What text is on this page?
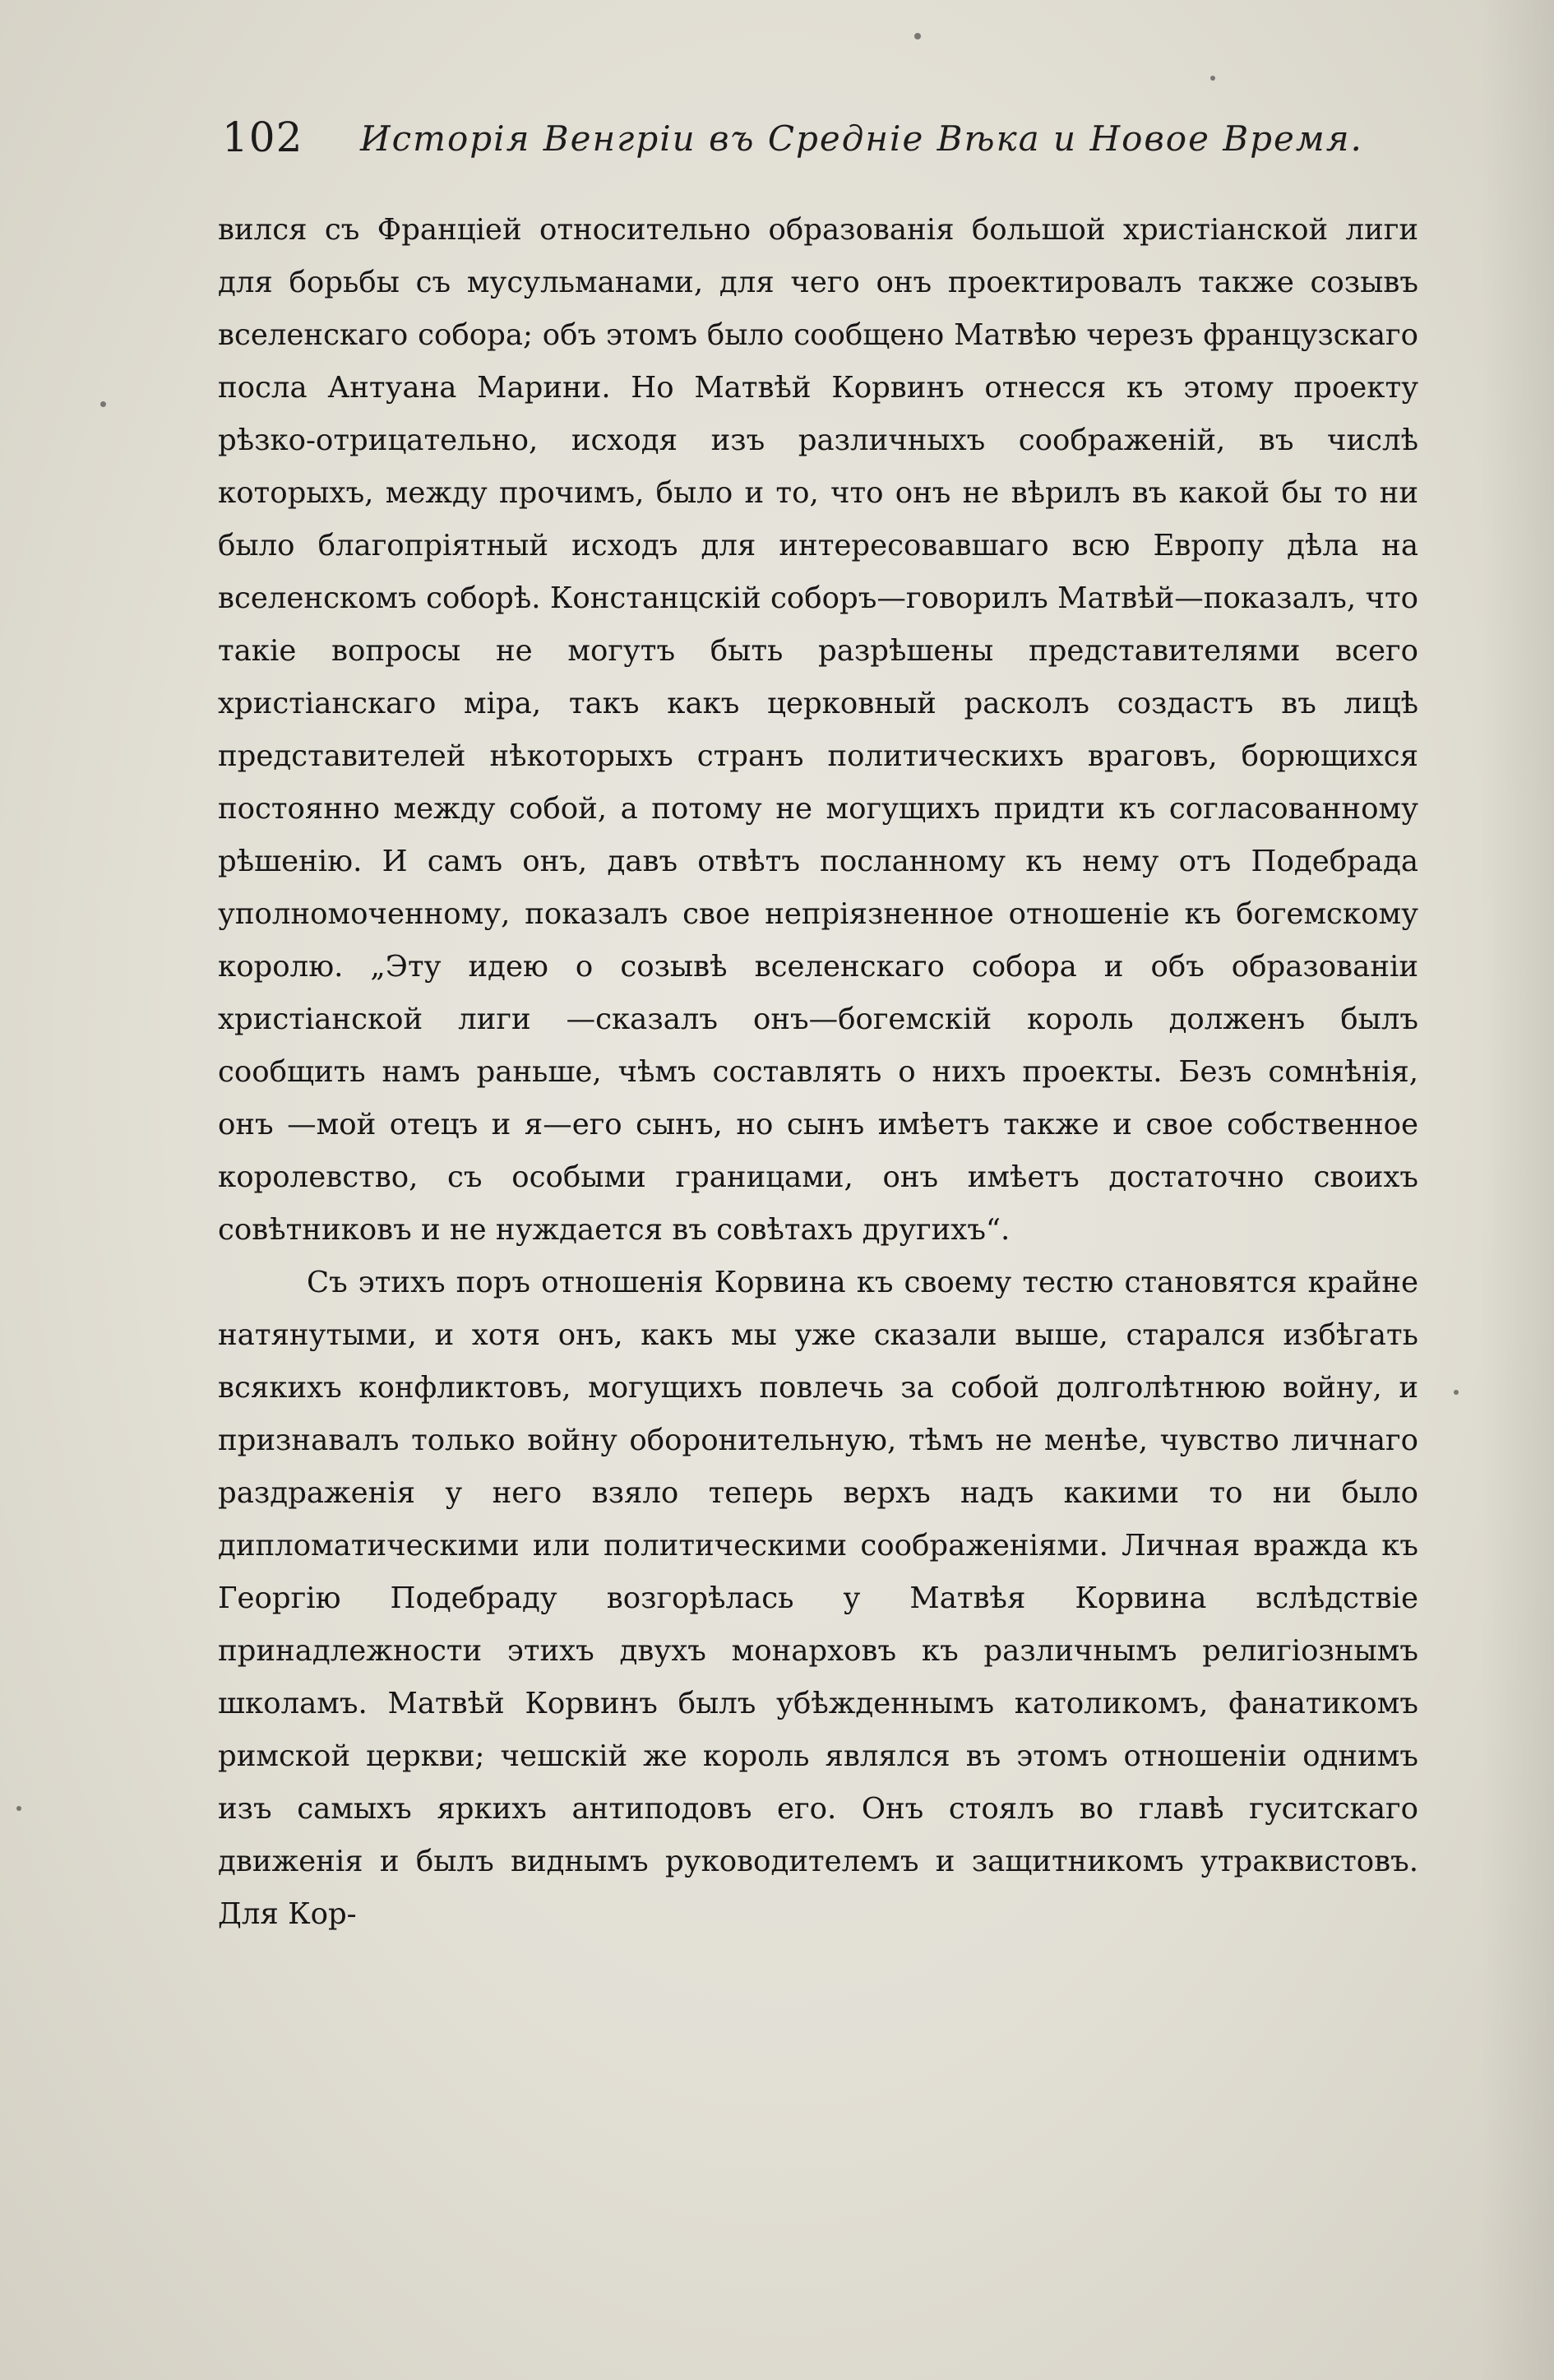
102 Исторія Венгріи въ Средніе Вѣка и Новое Время.

вился съ Франціей относительно образованія большой христіанской лиги для борьбы съ мусульманами, для чего онъ проектировалъ также созывъ вселенскаго собора; объ этомъ было сообщено Матвѣю черезъ французскаго посла Антуана Марини. Но Матвѣй Корвинъ отнесся къ этому проекту рѣзко-отрицательно, исходя изъ различныхъ соображеній, въ числѣ которыхъ, между прочимъ, было и то, что онъ не вѣрилъ въ какой бы то ни было благопріятный исходъ для интересовавшаго всю Европу дѣла на вселенскомъ соборѣ. Констанцскій соборъ—говорилъ Матвѣй—показалъ, что такіе вопросы не могутъ быть разрѣшены представителями всего христіанскаго міра, такъ какъ церковный расколъ создастъ въ лицѣ представителей нѣкоторыхъ странъ политическихъ враговъ, борющихся постоянно между собой, а потому не могущихъ придти къ согласованному рѣшенію. И самъ онъ, давъ отвѣтъ посланному къ нему отъ Подебрада уполномоченному, показалъ свое непріязненное отношеніе къ богемскому королю. „Эту идею о созывѣ вселенскаго собора и объ образованіи христіанской лиги —сказалъ онъ—богемскій король долженъ былъ сообщить намъ раньше, чѣмъ составлять о нихъ проекты. Безъ сомнѣнія, онъ —мой отецъ и я—его сынъ, но сынъ имѣетъ также и свое собственное королевство, съ особыми границами, онъ имѣетъ достаточно своихъ совѣтниковъ и не нуждается въ совѣтахъ другихъ“.

Съ этихъ поръ отношенія Корвина къ своему тестю становятся крайне натянутыми, и хотя онъ, какъ мы уже сказали выше, старался избѣгать всякихъ конфликтовъ, могущихъ повлечь за собой долголѣтнюю войну, и признавалъ только войну оборонительную, тѣмъ не менѣе, чувство личнаго раздраженія у него взяло теперь верхъ надъ какими то ни было дипломатическими или политическими соображеніями. Личная вражда къ Георгію Подебраду возгорѣлась у Матвѣя Корвина вслѣдствіе принадлежности этихъ двухъ монарховъ къ различнымъ религіознымъ школамъ. Матвѣй Корвинъ былъ убѣжденнымъ католикомъ, фанатикомъ римской церкви; чешскій же король являлся въ этомъ отношеніи однимъ изъ самыхъ яркихъ антиподовъ его. Онъ стоялъ во главѣ гуситскаго движенія и былъ виднымъ руководителемъ и защитникомъ утраквистовъ. Для Кор-
